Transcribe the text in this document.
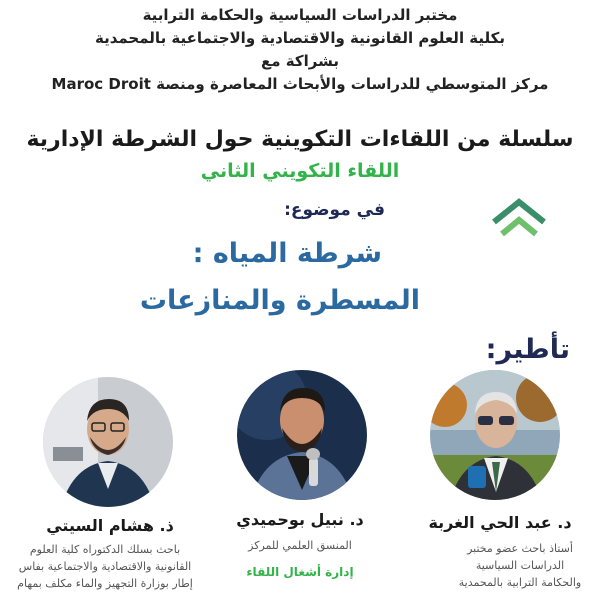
مختبر الدراسات السياسية والحكامة الترابية
بكلية العلوم القانونية والاقتصادية والاجتماعية بالمحمدية
بشراكة مع
مركز المتوسطي للدراسات والأبحاث المعاصرة ومنصة Maroc Droit
سلسلة من اللقاءات التكوينية حول الشرطة الإدارية
اللقاء التكويني الثاني
في موضوع:
شرطة المياه :
المسطرة والمنازعات
تأطير:
ذ. هشام السيتي
باحث بسلك الدكتوراه كلية العلوم
القانونية والاقتصادية والاجتماعية بفاس
إطار بوزارة التجهيز والماء مكلف بمهام
د. نبيل بوحميدي
المنسق العلمي للمركز
إدارة أشغال اللقاء
د. عبد الحي الغربة
أستاذ باحث عضو مختبر
الدراسات السياسية
والحكامة الترابية بالمحمدية
